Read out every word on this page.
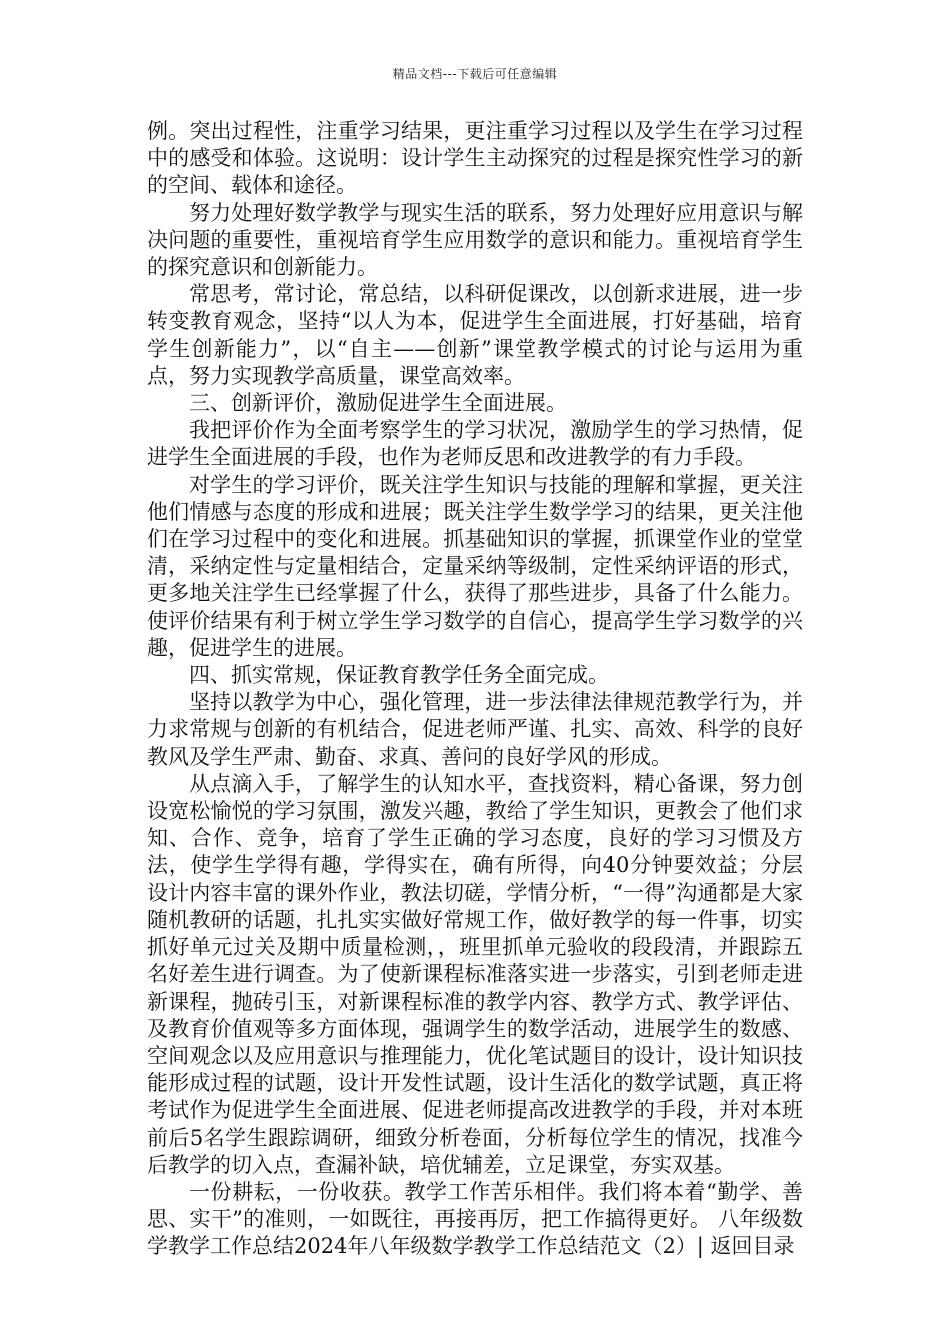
精品文档---下载后可任意编辑

例。突出过程性，注重学习结果，更注重学习过程以及学生在学习过程中的感受和体验。这说明：设计学生主动探究的过程是探究性学习的新的空间、载体和途径。

努力处理好数学教学与现实生活的联系，努力处理好应用意识与解决问题的重要性，重视培育学生应用数学的意识和能力。重视培育学生的探究意识和创新能力。

常思考，常讨论，常总结，以科研促课改，以创新求进展，进一步转变教育观念，坚持“以人为本，促进学生全面进展，打好基础，培育学生创新能力”，以“自主——创新”课堂教学模式的讨论与运用为重点，努力实现教学高质量，课堂高效率。

三、创新评价，激励促进学生全面进展。

我把评价作为全面考察学生的学习状况，激励学生的学习热情，促进学生全面进展的手段，也作为老师反思和改进教学的有力手段。

对学生的学习评价，既关注学生知识与技能的理解和掌握，更关注他们情感与态度的形成和进展；既关注学生数学学习的结果，更关注他们在学习过程中的变化和进展。抓基础知识的掌握，抓课堂作业的堂堂清，采纳定性与定量相结合，定量采纳等级制，定性采纳评语的形式，更多地关注学生已经掌握了什么，获得了那些进步，具备了什么能力。使评价结果有利于树立学生学习数学的自信心，提高学生学习数学的兴趣，促进学生的进展。

四、抓实常规，保证教育教学任务全面完成。

坚持以教学为中心，强化管理，进一步法律法律规范教学行为，并力求常规与创新的有机结合，促进老师严谨、扎实、高效、科学的良好教风及学生严肃、勤奋、求真、善问的良好学风的形成。

从点滴入手，了解学生的认知水平，查找资料，精心备课，努力创设宽松愉悦的学习氛围，激发兴趣，教给了学生知识，更教会了他们求知、合作、竞争，培育了学生正确的学习态度，良好的学习习惯及方法，使学生学得有趣，学得实在，确有所得，向40分钟要效益；分层设计内容丰富的课外作业，教法切磋，学情分析，“一得”沟通都是大家随机教研的话题，扎扎实实做好常规工作，做好教学的每一件事，切实抓好单元过关及期中质量检测，，班里抓单元验收的段段清，并跟踪五名好差生进行调查。为了使新课程标准落实进一步落实，引到老师走进新课程，抛砖引玉，对新课程标准的教学内容、教学方式、教学评估、及教育价值观等多方面体现，强调学生的数学活动，进展学生的数感、空间观念以及应用意识与推理能力，优化笔试题目的设计，设计知识技能形成过程的试题，设计开发性试题，设计生活化的数学试题，真正将考试作为促进学生全面进展、促进老师提高改进教学的手段，并对本班前后5名学生跟踪调研，细致分析卷面，分析每位学生的情况，找准今后教学的切入点，查漏补缺，培优辅差，立足课堂，夯实双基。

一份耕耘，一份收获。教学工作苦乐相伴。我们将本着“勤学、善思、实干”的准则，一如既往，再接再厉，把工作搞得更好。 八年级数学教学工作总结2024年八年级数学教学工作总结范文（2）| 返回目录
